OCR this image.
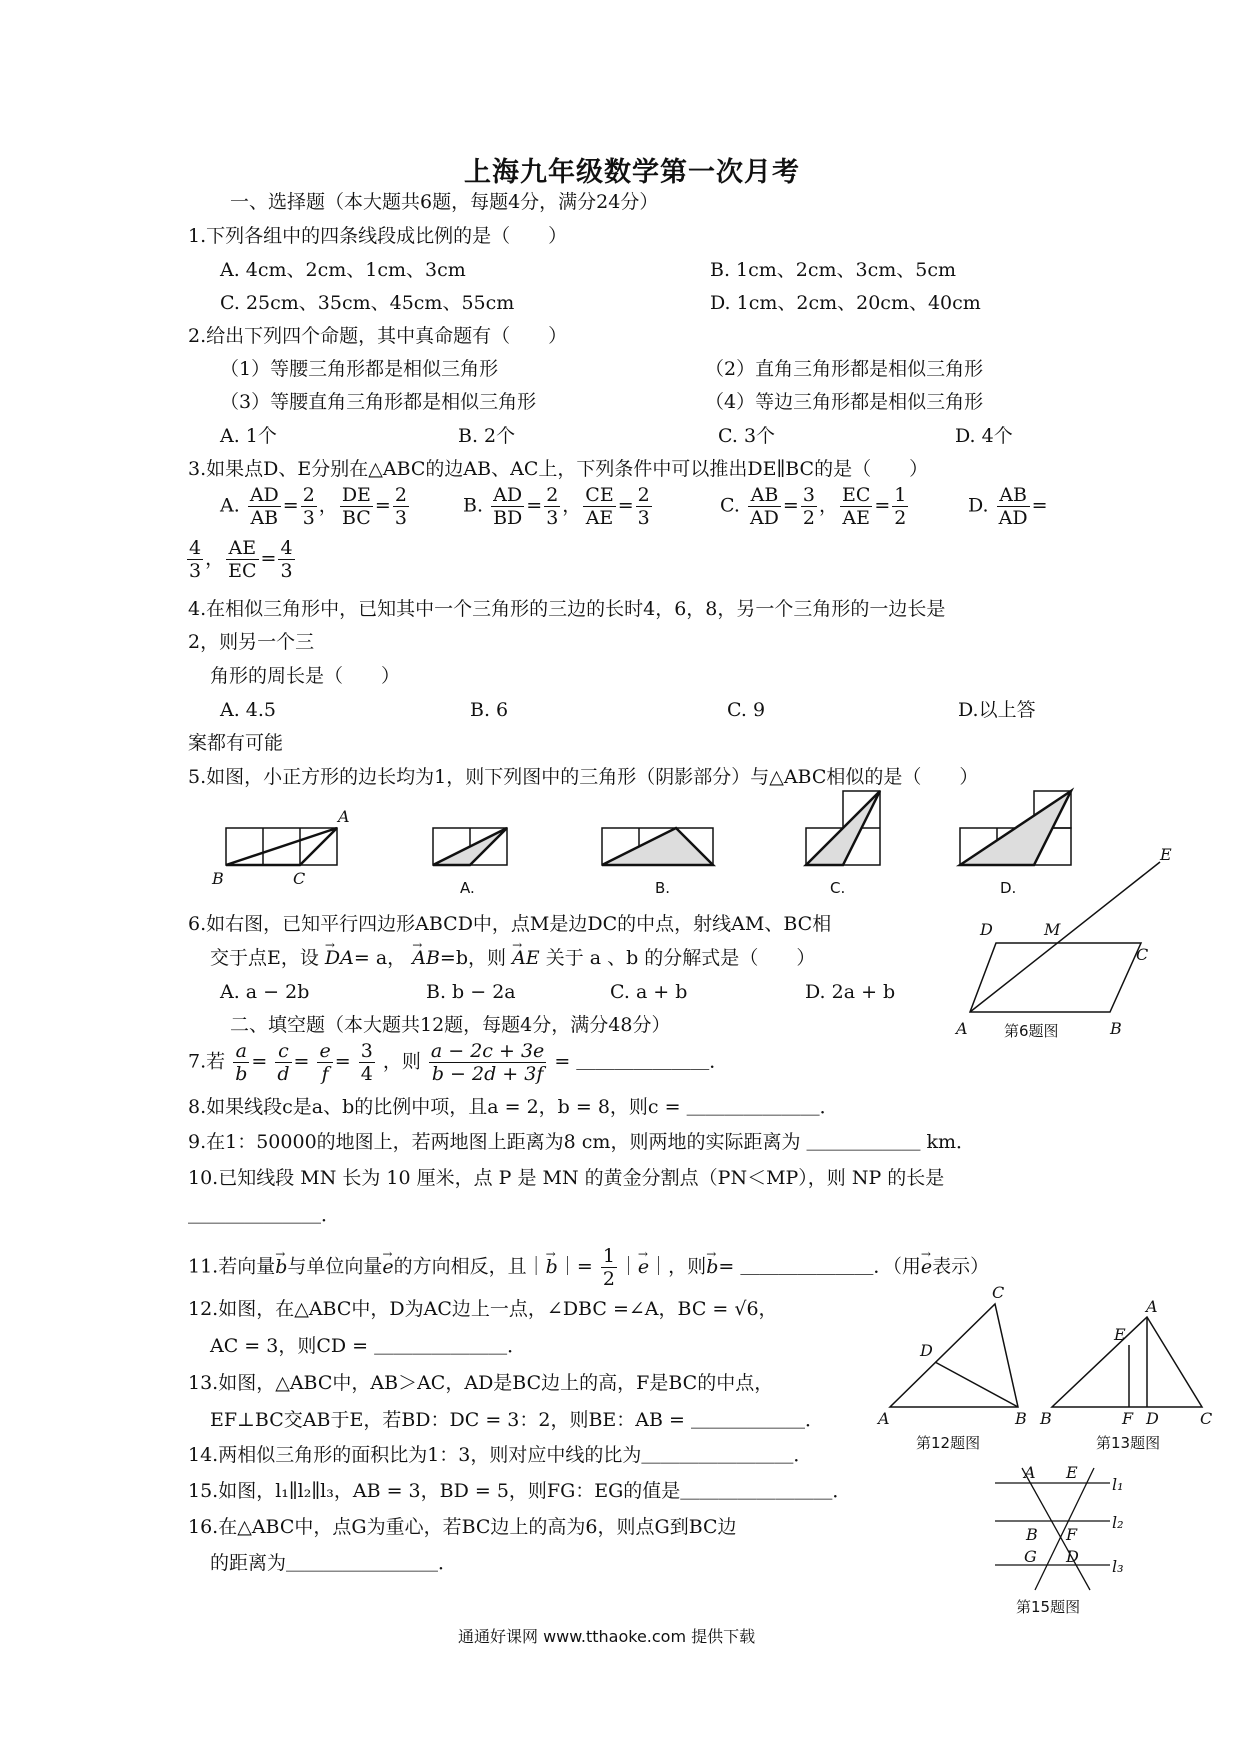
上海九年级数学第一次月考
一、选择题（本大题共6题，每题4分，满分24分）
1.下列各组中的四条线段成比例的是（　　）
A. 4cm、2cm、1cm、3cm	B. 1cm、2cm、3cm、5cm
C. 25cm、35cm、45cm、55cm	D. 1cm、2cm、20cm、40cm
2.给出下列四个命题，其中真命题有（　　）
（1）等腰三角形都是相似三角形	（2）直角三角形都是相似三角形
（3）等腰直角三角形都是相似三角形	（4）等边三角形都是相似三角形
A. 1个	B. 2个	C. 3个	D. 4个
3.如果点D、E分别在△ABC的边AB、AC上，下列条件中可以推出DE∥BC的是（　　）
A. $\frac{AD}{AB} = \frac{2}{3}$ ， $\frac{DE}{BC} = \frac{2}{3}$	B. $\frac{AD}{BD} = \frac{2}{3}$ ， $\frac{CE}{AE} = \frac{2}{3}$	C. $\frac{AB}{AD} = \frac{3}{2}$ ， $\frac{EC}{AE} = \frac{1}{2}$	D. $\frac{AB}{AD}$ =
$\frac{4}{3}$ ， $\frac{AE}{EC} = \frac{4}{3}$
4.在相似三角形中，已知其中一个三角形的三边的长时4，6，8，另一个三角形的一边长是
2，则另一个三
角形的周长是（　　）
A. 4.5	B. 6	C. 9	D.以上答
案都有可能
5.如图，小正方形的边长均为1，则下列图中的三角形（阴影部分）与△ABC相似的是（　　）
A
B	C	A.	B.	C.	D.
A	B
C
D
E
M
第6题图
A	B
C
D
第12题图
A
B	C
D
E
F
第13题图
A E
B F
G D
l₁
l₂
l₃
第15题图
6.如右图，已知平行四边形ABCD中，点M是边DC的中点，射线AM、BC相
交于点E，设 → DA= a， → AB=b，则 → AE 关于 a 、b 的分解式是（　　）
A. a − 2b	B. b − 2a	C. a + b	D. 2a + b
二、填空题（本大题共12题，每题4分，满分48分）
7.若 $\frac{a}{b} = \frac{c}{d} = \frac{e}{f} = \frac{3}{4}$ ，则 $\frac{a - 2c + 3e}{b - 2d + 3f}$ = ＿＿＿＿＿＿＿．
8.如果线段c是a、b的比例中项，且a = 2，b = 8，则c = ＿＿＿＿＿＿＿．
9.在1：50000的地图上，若两地图上距离为8 cm，则两地的实际距离为 ＿＿＿＿＿＿ km．
10.已知线段 MN 长为 10 厘米，点 P 是 MN 的黄金分割点（PN＜MP），则 NP 的长是
＿＿＿＿＿＿＿．
11.若向量→ b与单位向量→ e的方向相反，且｜→ b｜= $\frac{1}{2}$ ｜→ e｜，则→ b= ＿＿＿＿＿＿＿．（用→ e表示）
12.如图，在△ABC中，D为AC边上一点，∠DBC =∠A，BC = √6，
AC = 3，则CD = ＿＿＿＿＿＿＿．
13.如图，△ABC中，AB＞AC，AD是BC边上的高，F是BC的中点，
EF⊥BC交AB于E，若BD：DC = 3：2，则BE：AB = ＿＿＿＿＿＿．
14.两相似三角形的面积比为1：3，则对应中线的比为＿＿＿＿＿＿＿＿．
15.如图，l₁∥l₂∥l₃，AB = 3，BD = 5，则FG：EG的值是＿＿＿＿＿＿＿＿．
16.在△ABC中，点G为重心，若BC边上的高为6，则点G到BC边
的距离为＿＿＿＿＿＿＿＿．
通通好课网 www.tthaoke.com 提供下载
